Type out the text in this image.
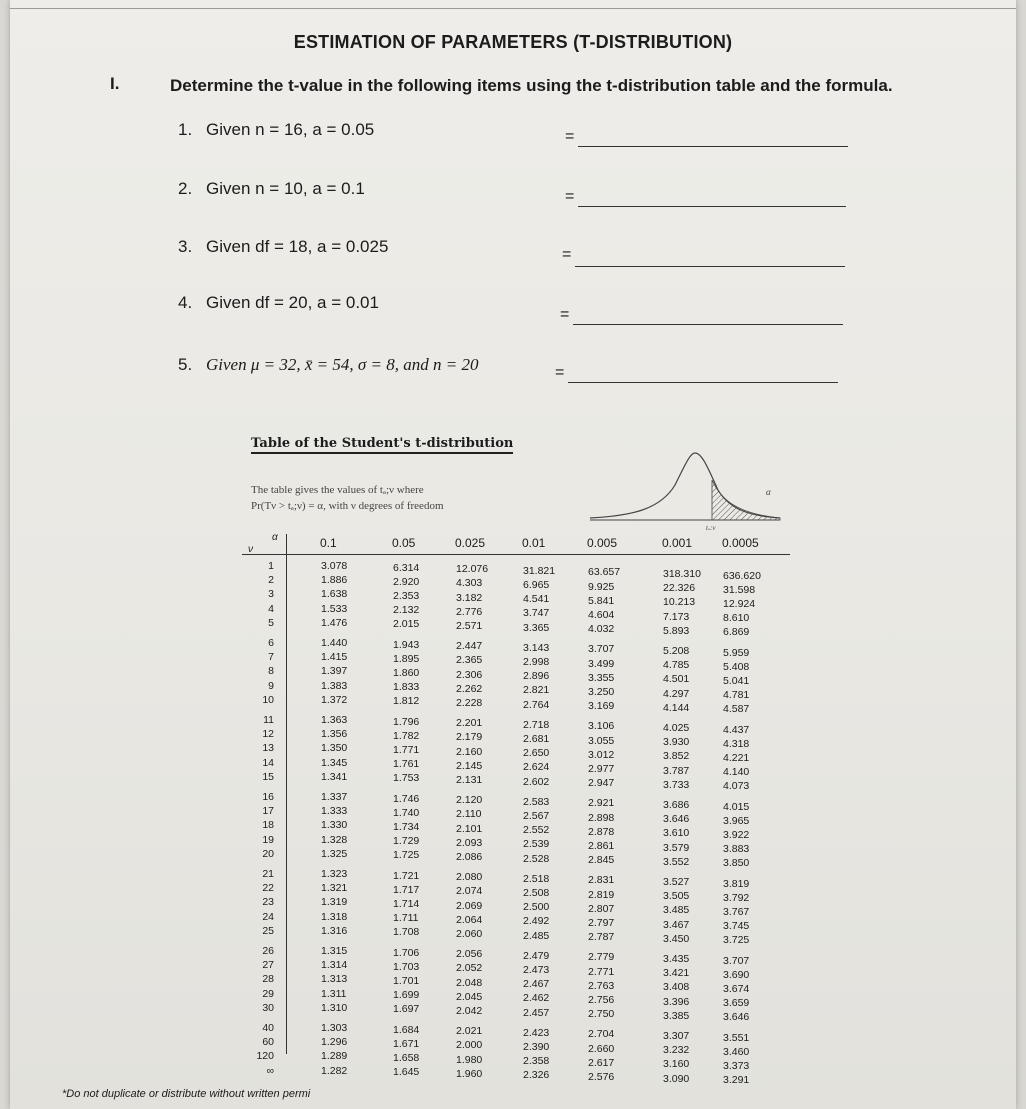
ESTIMATION OF PARAMETERS (T-DISTRIBUTION)
I.	Determine the t-value in the following items using the t-distribution table and the formula.
1. Given n = 16, a = 0.05	=
2. Given n = 10, a = 0.1	=
3. Given df = 18, a = 0.025	=
4. Given df = 20, a = 0.01
=
5. Given μ = 32, x̄ = 54, σ = 8, and n = 20	=
Table of the Student's t-distribution
The table gives the values of tₐ;ν where
Pr(Tν > tₐ;ν) = α, with ν degrees of freedom
α
tₐ;ν
α
ν	0.1	0.05	0.025	0.01	0.005	0.001 0.0005
1	3.078	6.314	12.076	31.821	63.657	318.310 636.620
2	1.886	2.920	4.303	6.965	9.925	22.326	31.598
3	1.638	2.353	3.182	4.541	5.841	10.213	12.924
4	1.533	2.132	2.776	3.747	4.604	7.173	8.610
5	1.476	2.015	2.571	3.365	4.032	5.893	6.869
6	1.440	1.943	2.447	3.143	3.707	5.208	5.959
7	1.415	1.895	2.365	2.998	3.499	4.785	5.408
8	1.397	1.860	2.306	2.896	3.355	4.501	5.041
9	1.383	1.833	2.262	2.821	3.250	4.297	4.781
10	1.372	1.812	2.228	2.764	3.169	4.144	4.587
11	1.363	1.796	2.201	2.718	3.106	4.025	4.437
12	1.356	1.782	2.179	2.681	3.055	3.930	4.318
13	1.350	1.771	2.160	2.650	3.012	3.852	4.221
14	1.345	1.761	2.145	2.624	2.977	3.787	4.140
15	1.341	1.753	2.131	2.602	2.947	3.733	4.073
16	1.337	1.746	2.120	2.583	2.921	3.686	4.015
17	1.333	1.740	2.110	2.567	2.898	3.646	3.965
18	1.330	1.734	2.101	2.552	2.878	3.610	3.922
19	1.328	1.729	2.093	2.539	2.861	3.579	3.883
20	1.325	1.725	2.086	2.528	2.845	3.552	3.850
21	1.323	1.721	2.080	2.518	2.831	3.527	3.819
22	1.321	1.717	2.074	2.508	2.819	3.505	3.792
23	1.319	1.714	2.069	2.500	2.807	3.485	3.767
24	1.318	1.711	2.064	2.492	2.797	3.467	3.745
25	1.316	1.708	2.060	2.485	2.787	3.450	3.725
26	1.315	1.706	2.056	2.479	2.779	3.435	3.707
27	1.314	1.703	2.052	2.473	2.771	3.421	3.690
28	1.313	1.701	2.048	2.467	2.763	3.408	3.674
29	1.311	1.699	2.045	2.462	2.756	3.396	3.659
30	1.310	1.697	2.042	2.457	2.750	3.385	3.646
40	1.303	1.684	2.021	2.423	2.704	3.307	3.551
60	1.296	1.671	2.000	2.390	2.660	3.232	3.460
120	1.289	1.658	1.980	2.358	2.617	3.160	3.373
∞	1.282	1.645	1.960	2.326	2.576	3.090	3.291
*Do not duplicate or distribute without written permi
